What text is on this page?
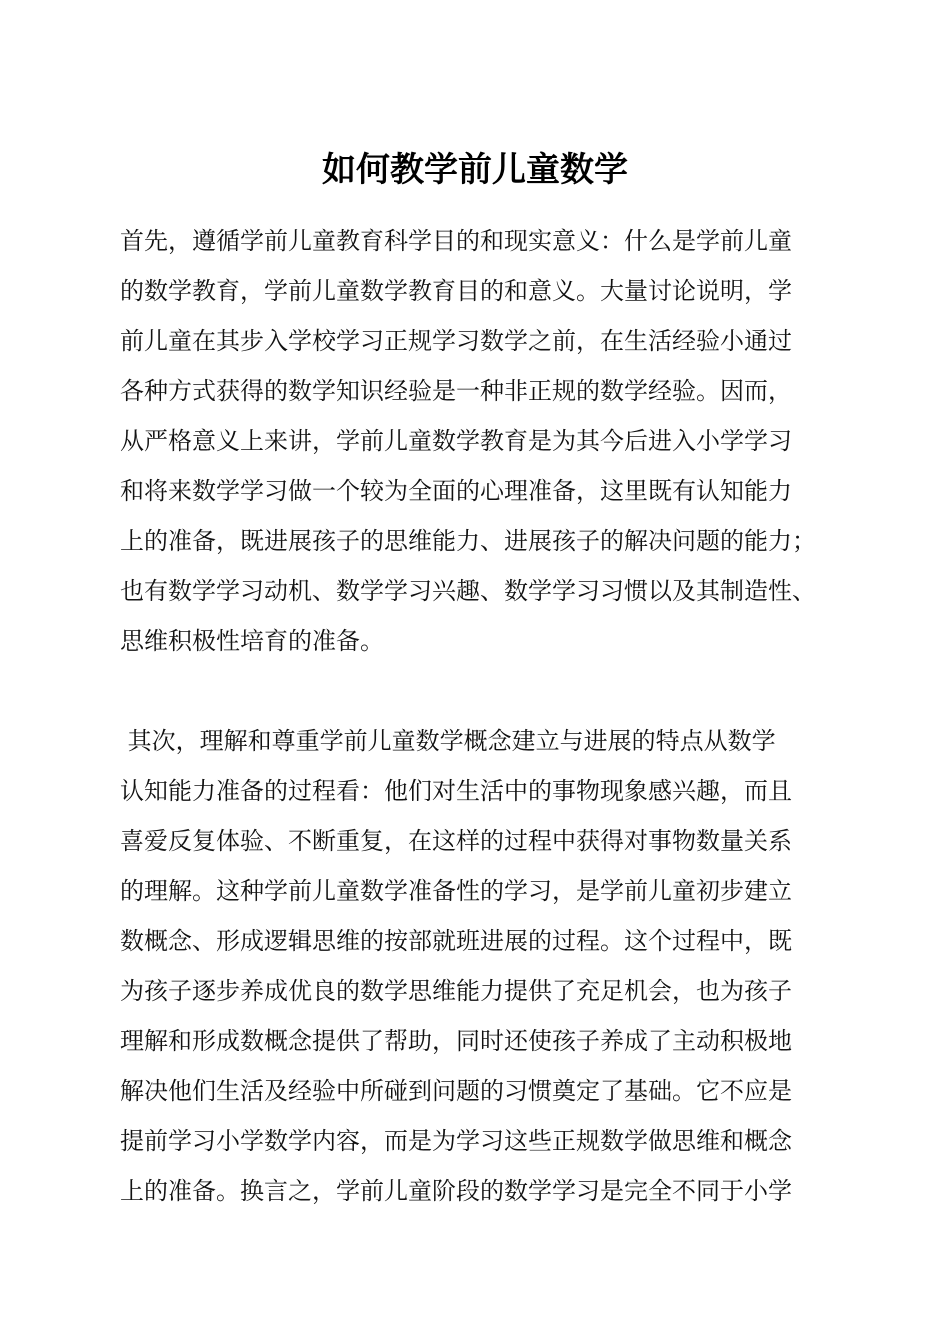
如何教学前儿童数学
首先，遵循学前儿童教育科学目的和现实意义：什么是学前儿童
的数学教育，学前儿童数学教育目的和意义。大量讨论说明，学
前儿童在其步入学校学习正规学习数学之前，在生活经验小通过
各种方式获得的数学知识经验是一种非正规的数学经验。因而，
从严格意义上来讲，学前儿童数学教育是为其今后进入小学学习
和将来数学学习做一个较为全面的心理准备，这里既有认知能力
上的准备，既进展孩子的思维能力、进展孩子的解决问题的能力；
也有数学学习动机、数学学习兴趣、数学学习习惯以及其制造性、
思维积极性培育的准备。
其次，理解和尊重学前儿童数学概念建立与进展的特点从数学
认知能力准备的过程看：他们对生活中的事物现象感兴趣，而且
喜爱反复体验、不断重复，在这样的过程中获得对事物数量关系
的理解。这种学前儿童数学准备性的学习，是学前儿童初步建立
数概念、形成逻辑思维的按部就班进展的过程。这个过程中，既
为孩子逐步养成优良的数学思维能力提供了充足机会，也为孩子
理解和形成数概念提供了帮助，同时还使孩子养成了主动积极地
解决他们生活及经验中所碰到问题的习惯奠定了基础。它不应是
提前学习小学数学内容，而是为学习这些正规数学做思维和概念
上的准备。换言之，学前儿童阶段的数学学习是完全不同于小学
